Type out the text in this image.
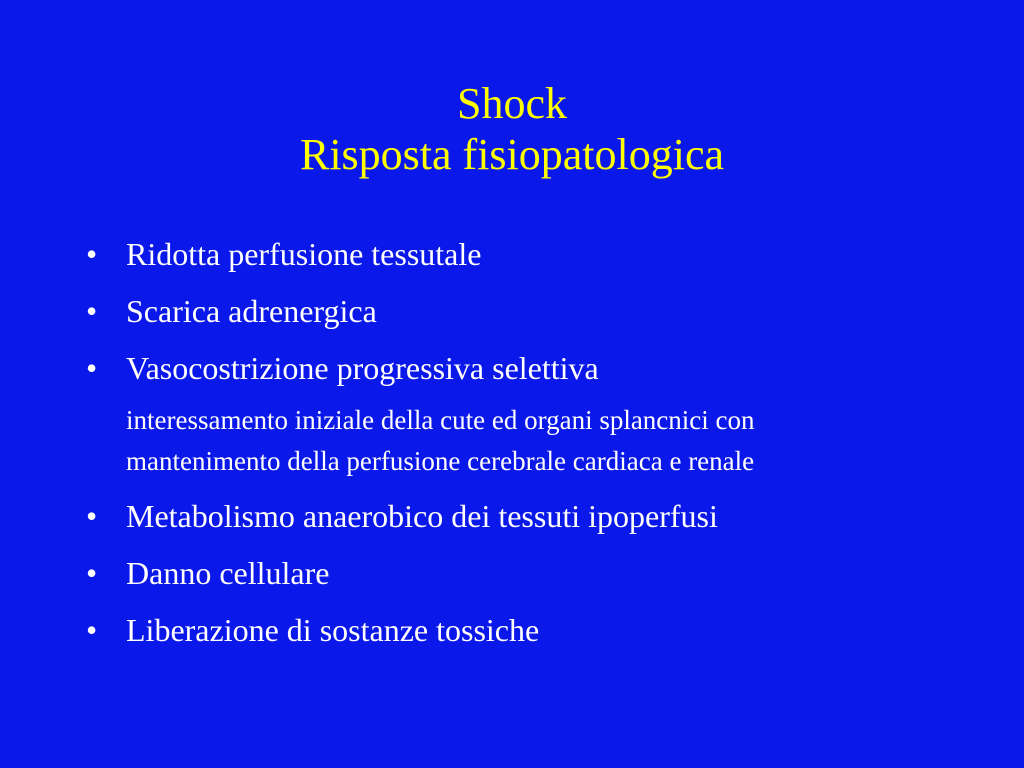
Shock
Risposta fisiopatologica
• Ridotta perfusione tessutale
• Scarica adrenergica
• Vasocostrizione progressiva selettiva
interessamento iniziale della cute ed organi splancnici con
mantenimento della perfusione cerebrale cardiaca e renale
• Metabolismo anaerobico dei tessuti ipoperfusi
• Danno cellulare
• Liberazione di sostanze tossiche
